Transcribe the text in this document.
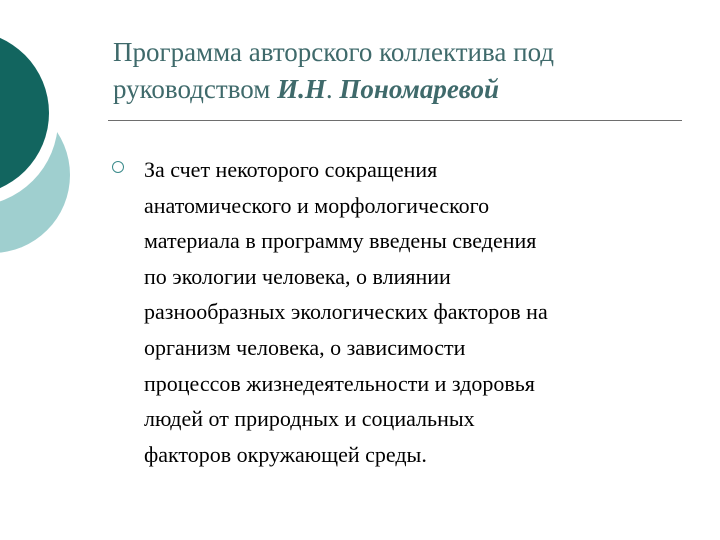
Программа авторского коллектива под руководством И.Н. Пономаревой
За счет некоторого сокращения
анатомического и морфологического
материала в программу введены сведения
по экологии человека, о влиянии
разнообразных экологических факторов на
организм человека, о зависимости
процессов жизнедеятельности и здоровья
людей от природных и социальных
факторов окружающей среды.
